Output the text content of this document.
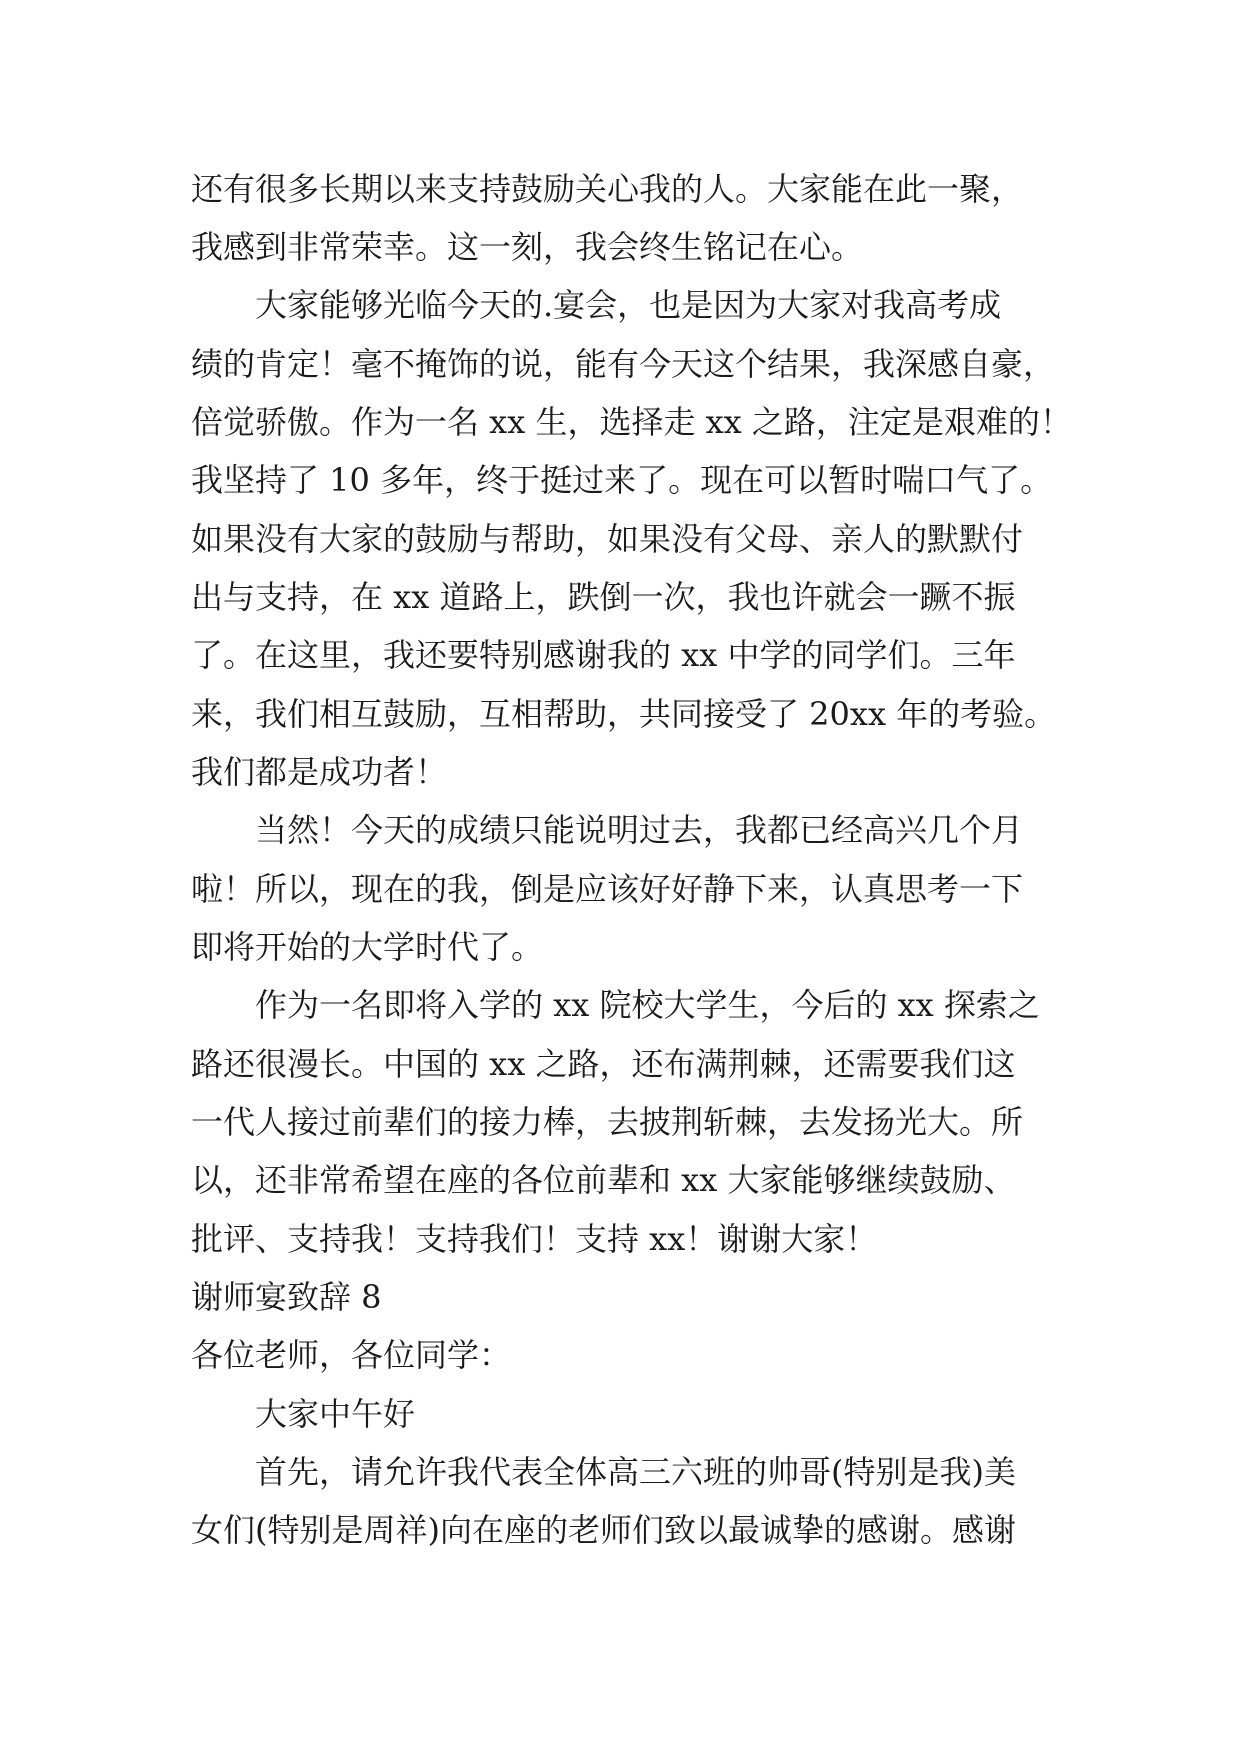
还有很多长期以来支持鼓励关心我的人。大家能在此一聚，
我感到非常荣幸。这一刻，我会终生铭记在心。
大家能够光临今天的.宴会，也是因为大家对我高考成
绩的肯定！毫不掩饰的说，能有今天这个结果，我深感自豪，
倍觉骄傲。作为一名 xx 生，选择走 xx 之路，注定是艰难的！
我坚持了 10 多年，终于挺过来了。现在可以暂时喘口气了。
如果没有大家的鼓励与帮助，如果没有父母、亲人的默默付
出与支持，在 xx 道路上，跌倒一次，我也许就会一蹶不振
了。在这里，我还要特别感谢我的 xx 中学的同学们。三年
来，我们相互鼓励，互相帮助，共同接受了 20xx 年的考验。
我们都是成功者！
当然！今天的成绩只能说明过去，我都已经高兴几个月
啦！所以，现在的我，倒是应该好好静下来，认真思考一下
即将开始的大学时代了。
作为一名即将入学的 xx 院校大学生，今后的 xx 探索之
路还很漫长。中国的 xx 之路，还布满荆棘，还需要我们这
一代人接过前辈们的接力棒，去披荆斩棘，去发扬光大。所
以，还非常希望在座的各位前辈和 xx 大家能够继续鼓励、
批评、支持我！支持我们！支持 xx！谢谢大家！
谢师宴致辞 8
各位老师，各位同学：
大家中午好
首先，请允许我代表全体高三六班的帅哥(特别是我)美
女们(特别是周祥)向在座的老师们致以最诚挚的感谢。感谢
